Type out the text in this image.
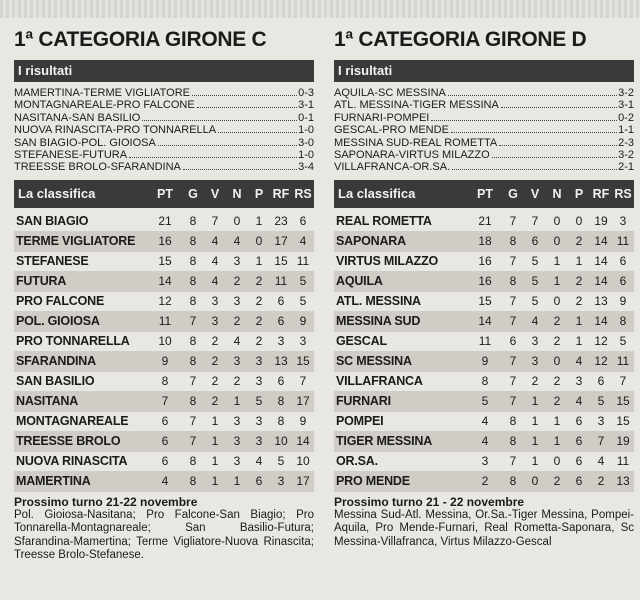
1ª CATEGORIA GIRONE C
I risultati
MAMERTINA-TERME VIGLIATORE	0-3
MONTAGNAREALE-PRO FALCONE	3-1
NASITANA-SAN BASILIO	0-1
NUOVA RINASCITA-PRO TONNARELLA	1-0
SAN BIAGIO-POL. GIOIOSA	3-0
STEFANESE-FUTURA	1-0
TREESSE BROLO-SFARANDINA	3-4
La classifica	PT	G	V	N	P RF RS
SAN BIAGIO	21	8	7	0	1 23 6
TERME VIGLIATORE	16	8	4	4	0 17 4
STEFANESE	15	8	4	3	1 15 11
FUTURA	14	8	4	2	2	11	5
PRO FALCONE	12	8	3	3	2	6	5
POL. GIOIOSA	11	7	3	2	2	6	9
PRO TONNARELLA	10	8	2	4	2	3	3
SFARANDINA	9	8	2	3	3 13 15
SAN BASILIO	8	7	2	2	3	6	7
NASITANA	7	8	2	1	5	8 17
MONTAGNAREALE	6	7	1	3	3	8	9
TREESSE BROLO	6	7	1	3	3 10 14
NUOVA RINASCITA	6	8	1	3	4	5 10
MAMERTINA	4	8	1	1	6	3 17
Prossimo turno 21-22 novembre
Pol. Gioiosa-Nasitana; Pro Falcone-San Biagio; Pro Tonnarella-Montagnareale; San Basilio-Futura; Sfarandina-Mamertina; Terme Vigliatore-Nuova Rinascita; Treesse Brolo-Stefanese.
1ª CATEGORIA GIRONE D
I risultati
AQUILA-SC MESSINA	3-2
ATL. MESSINA-TIGER MESSINA	3-1
FURNARI-POMPEI	0-2
GESCAL-PRO MENDE	1-1
MESSINA SUD-REAL ROMETTA	2-3
SAPONARA-VIRTUS MILAZZO	3-2
VILLAFRANCA-OR.SA.	2-1
La classifica	PT	G	V	N	P RF RS
REAL ROMETTA	21	7	7	0	0 19 3
SAPONARA	18	8	6	0	2 14 11
VIRTUS MILAZZO	16	7	5	1	1 14 6
AQUILA	16	8	5	1	2 14 6
ATL. MESSINA	15	7	5	0	2 13 9
MESSINA SUD	14	7	4	2	1 14 8
GESCAL	11	6	3	2	1 12 5
SC MESSINA	9	7	3	0	4 12 11
VILLAFRANCA	8	7	2	2	3	6	7
FURNARI	5	7	1	2	4	5 15
POMPEI	4	8	1	1	6	3 15
TIGER MESSINA	4	8	1	1	6	7 19
OR.SA.	3	7	1	0	6	4	11
PRO MENDE	2	8	0	2	6	2 13
Prossimo turno 21 - 22 novembre
Messina Sud-Atl. Messina, Or.Sa.-Tiger Messina, Pompei-Aquila, Pro Mende-Furnari, Real Rometta-Saponara, Sc Messina-Villafranca, Virtus Milazzo-Gescal
